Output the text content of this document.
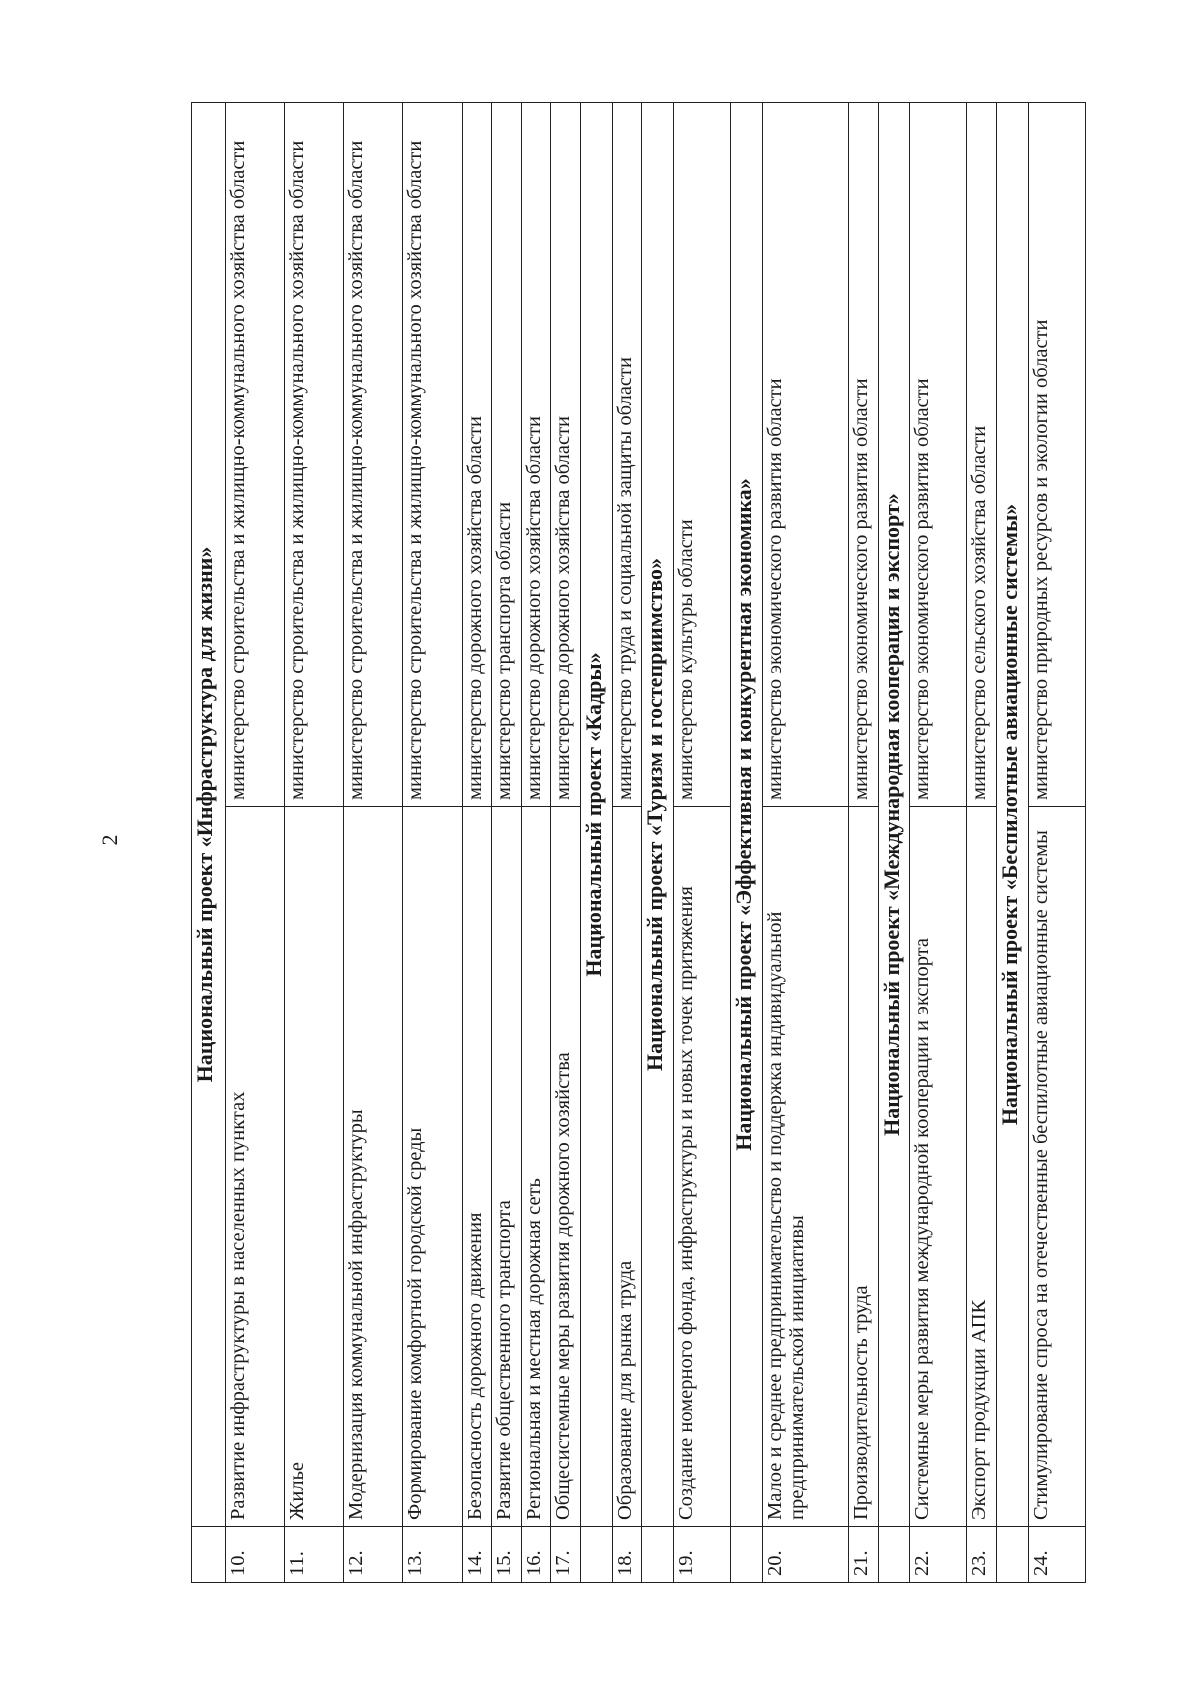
2
		Национальный проект «Инфраструктура для жизни»	
10.	Развитие инфраструктуры в населенных пунктах	министерство строительства и жилищно-коммунального хозяйства области
11.	Жилье	министерство строительства и жилищно-коммунального хозяйства области
12.	Модернизация коммунальной инфраструктуры	министерство строительства и жилищно-коммунального хозяйства области
13.	Формирование комфортной городской среды	министерство строительства и жилищно-коммунального хозяйства области
14.	Безопасность дорожного движения	министерство дорожного хозяйства области
15.	Развитие общественного транспорта	министерство транспорта области
16.	Региональная и местная дорожная сеть	министерство дорожного хозяйства области
17.	Общесистемные меры развития дорожного хозяйства	министерство дорожного хозяйства области
	Национальный проект «Кадры»	
18.	Образование для рынка труда	министерство труда и социальной защиты области
	Национальный проект «Туризм и гостеприимство»	
19.	Создание номерного фонда, инфраструктуры и новых точек притяжения	министерство культуры области
	Национальный проект «Эффективная и конкурентная экономика»	
20.	Малое и среднее предпринимательство и поддержка индивидуальной предпринимательской инициативы	министерство экономического развития области
21.	Производительность труда	министерство экономического развития области
	Национальный проект «Международная кооперация и экспорт»	
22.	Системные меры развития международной кооперации и экспорта	министерство экономического развития области
23.	Экспорт продукции АПК	министерство сельского хозяйства области
	Национальный проект «Беспилотные авиационные системы»	
24.	Стимулирование спроса на отечественные беспилотные авиационные системы	министерство природных ресурсов и экологии области
